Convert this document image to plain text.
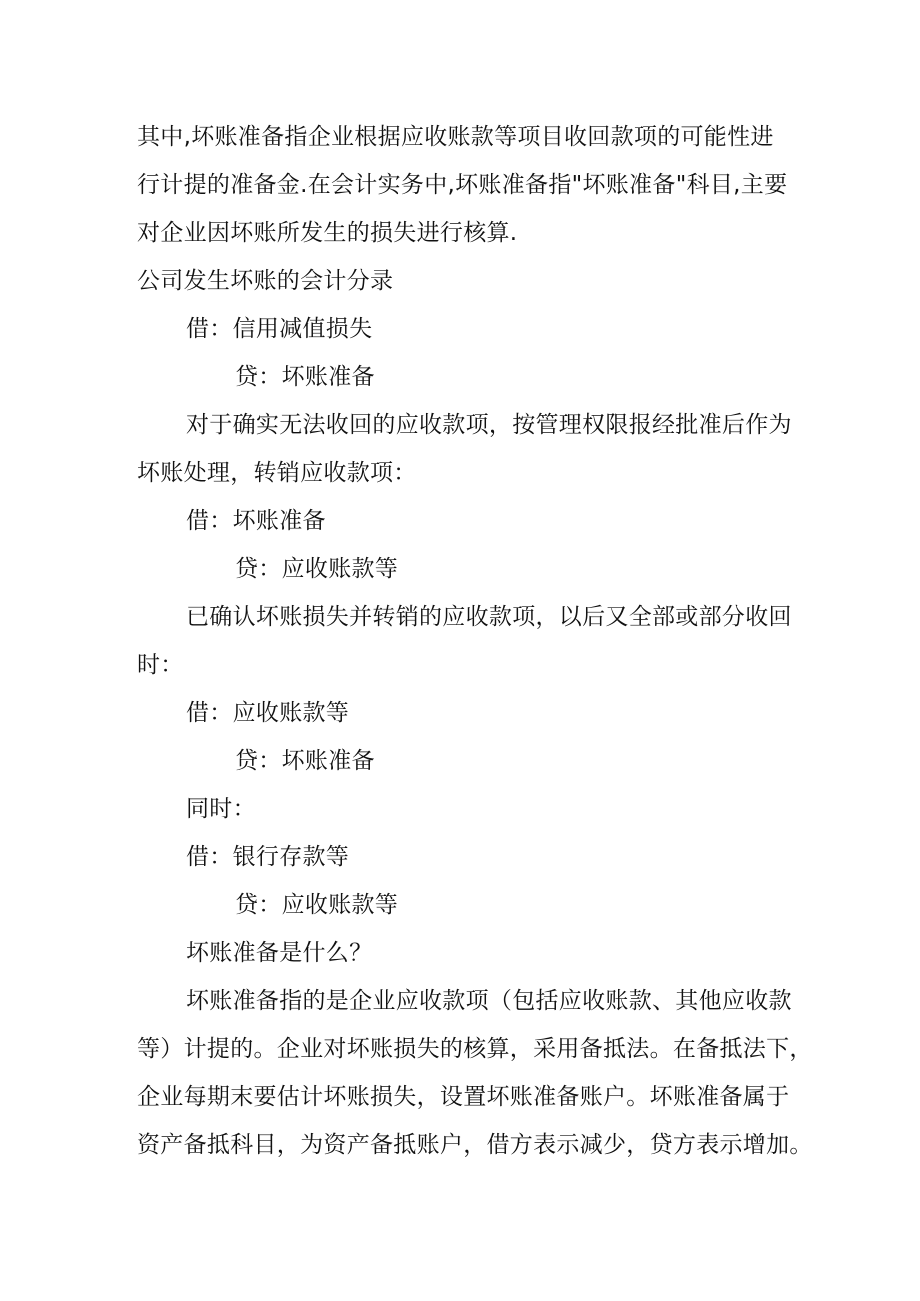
其中,坏账准备指企业根据应收账款等项目收回款项的可能性进
行计提的准备金.在会计实务中,坏账准备指"坏账准备"科目,主要
对企业因坏账所发生的损失进行核算.
公司发生坏账的会计分录
借：信用减值损失
贷：坏账准备
对于确实无法收回的应收款项，按管理权限报经批准后作为
坏账处理，转销应收款项：
借：坏账准备
贷：应收账款等
已确认坏账损失并转销的应收款项，以后又全部或部分收回
时：
借：应收账款等
贷：坏账准备
同时：
借：银行存款等
贷：应收账款等
坏账准备是什么？
坏账准备指的是企业应收款项（包括应收账款、其他应收款
等）计提的。企业对坏账损失的核算，采用备抵法。在备抵法下，
企业每期末要估计坏账损失，设置坏账准备账户。坏账准备属于
资产备抵科目，为资产备抵账户，借方表示减少，贷方表示增加。
